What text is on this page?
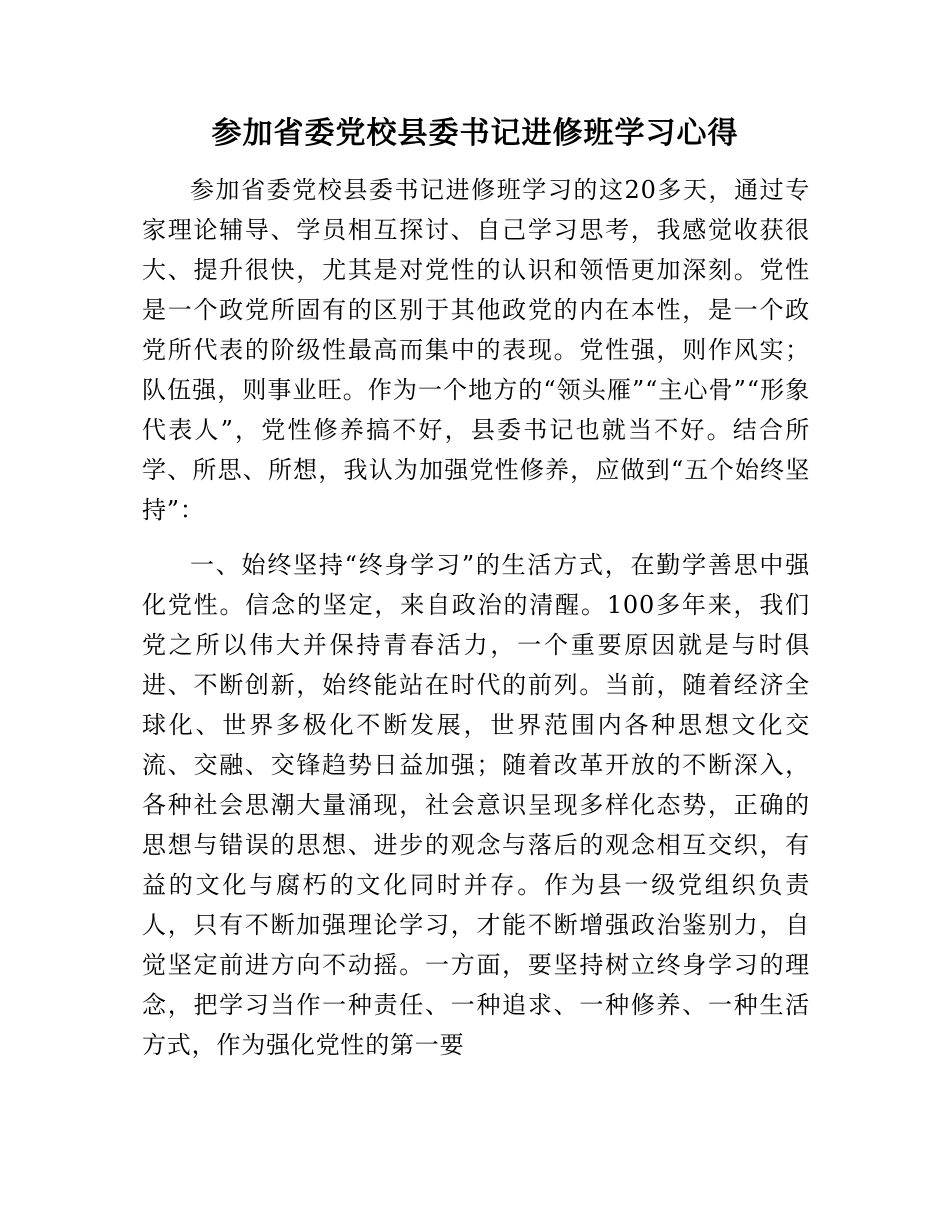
参加省委党校县委书记进修班学习心得

参加省委党校县委书记进修班学习的这20多天，通过专家理论辅导、学员相互探讨、自己学习思考，我感觉收获很大、提升很快，尤其是对党性的认识和领悟更加深刻。党性是一个政党所固有的区别于其他政党的内在本性，是一个政党所代表的阶级性最高而集中的表现。党性强，则作风实；队伍强，则事业旺。作为一个地方的“领头雁”“主心骨”“形象代表人”，党性修养搞不好，县委书记也就当不好。结合所学、所思、所想，我认为加强党性修养，应做到“五个始终坚持”：

一、始终坚持“终身学习”的生活方式，在勤学善思中强化党性。信念的坚定，来自政治的清醒。100多年来，我们党之所以伟大并保持青春活力，一个重要原因就是与时俱进、不断创新，始终能站在时代的前列。当前，随着经济全球化、世界多极化不断发展，世界范围内各种思想文化交流、交融、交锋趋势日益加强；随着改革开放的不断深入，各种社会思潮大量涌现，社会意识呈现多样化态势，正确的思想与错误的思想、进步的观念与落后的观念相互交织，有益的文化与腐朽的文化同时并存。作为县一级党组织负责人，只有不断加强理论学习，才能不断增强政治鉴别力，自觉坚定前进方向不动摇。一方面，要坚持树立终身学习的理念，把学习当作一种责任、一种追求、一种修养、一种生活方式，作为强化党性的第一要
